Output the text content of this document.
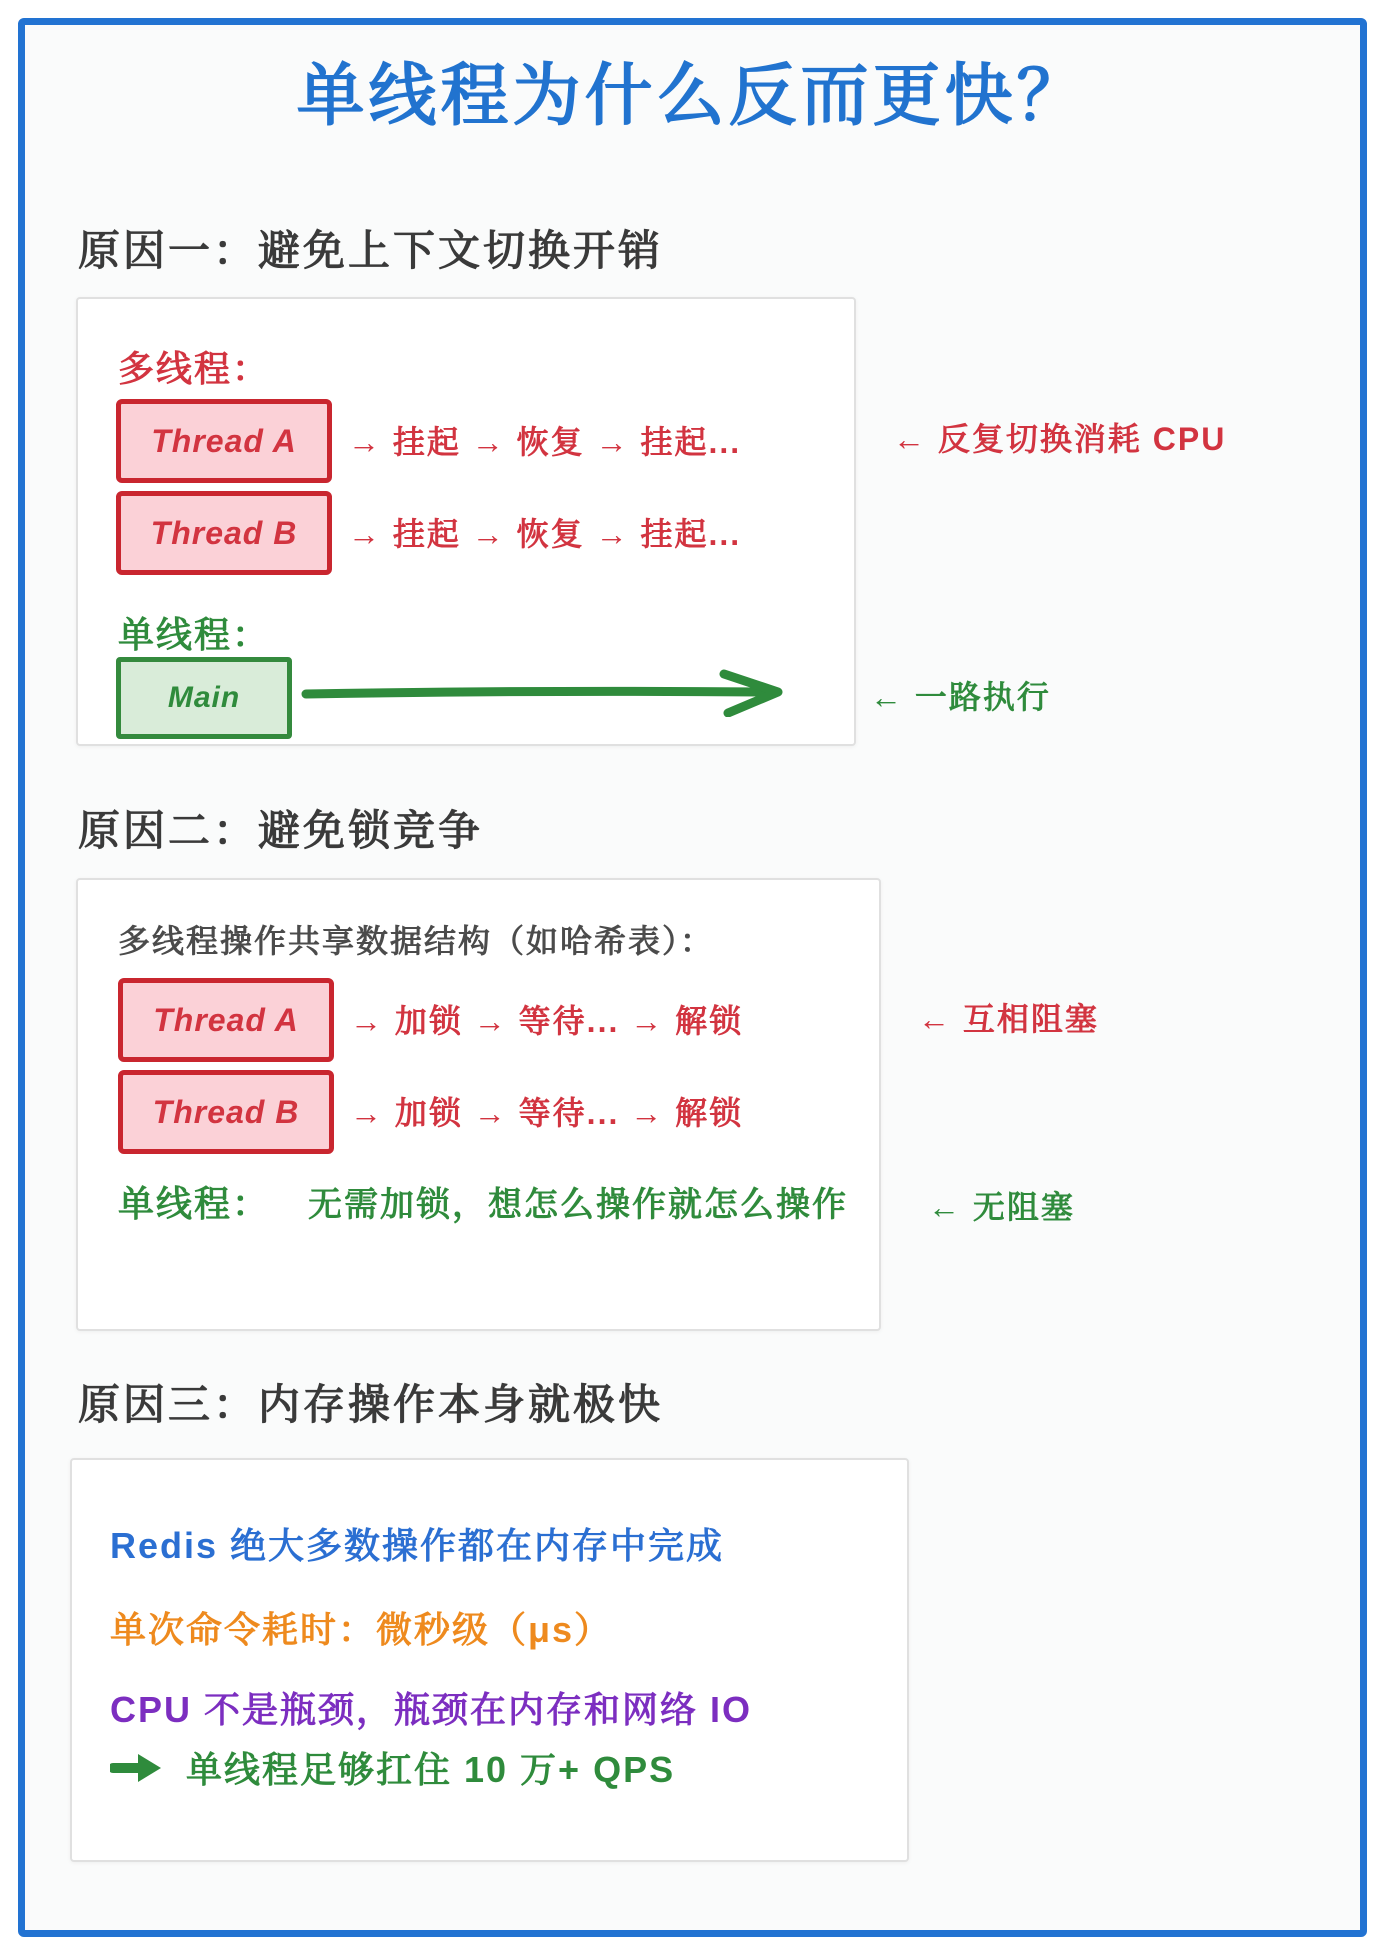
单线程为什么反而更快？
原因一：避免上下文切换开销
多线程：
Thread A	→ 挂起 → 恢复 → 挂起...
Thread B	→ 挂起 → 恢复 → 挂起...
单线程：
Main
← 反复切换消耗 CPU
← 一路执行
原因二：避免锁竞争
多线程操作共享数据结构（如哈希表）：
Thread A	→ 加锁 → 等待... → 解锁
Thread B	→ 加锁 → 等待... → 解锁
单线程： 无需加锁，想怎么操作就怎么操作
← 互相阻塞
← 无阻塞
原因三：内存操作本身就极快
Redis 绝大多数操作都在内存中完成
单次命令耗时：微秒级（μs）
CPU 不是瓶颈，瓶颈在内存和网络 IO
单线程足够扛住 10 万+ QPS
